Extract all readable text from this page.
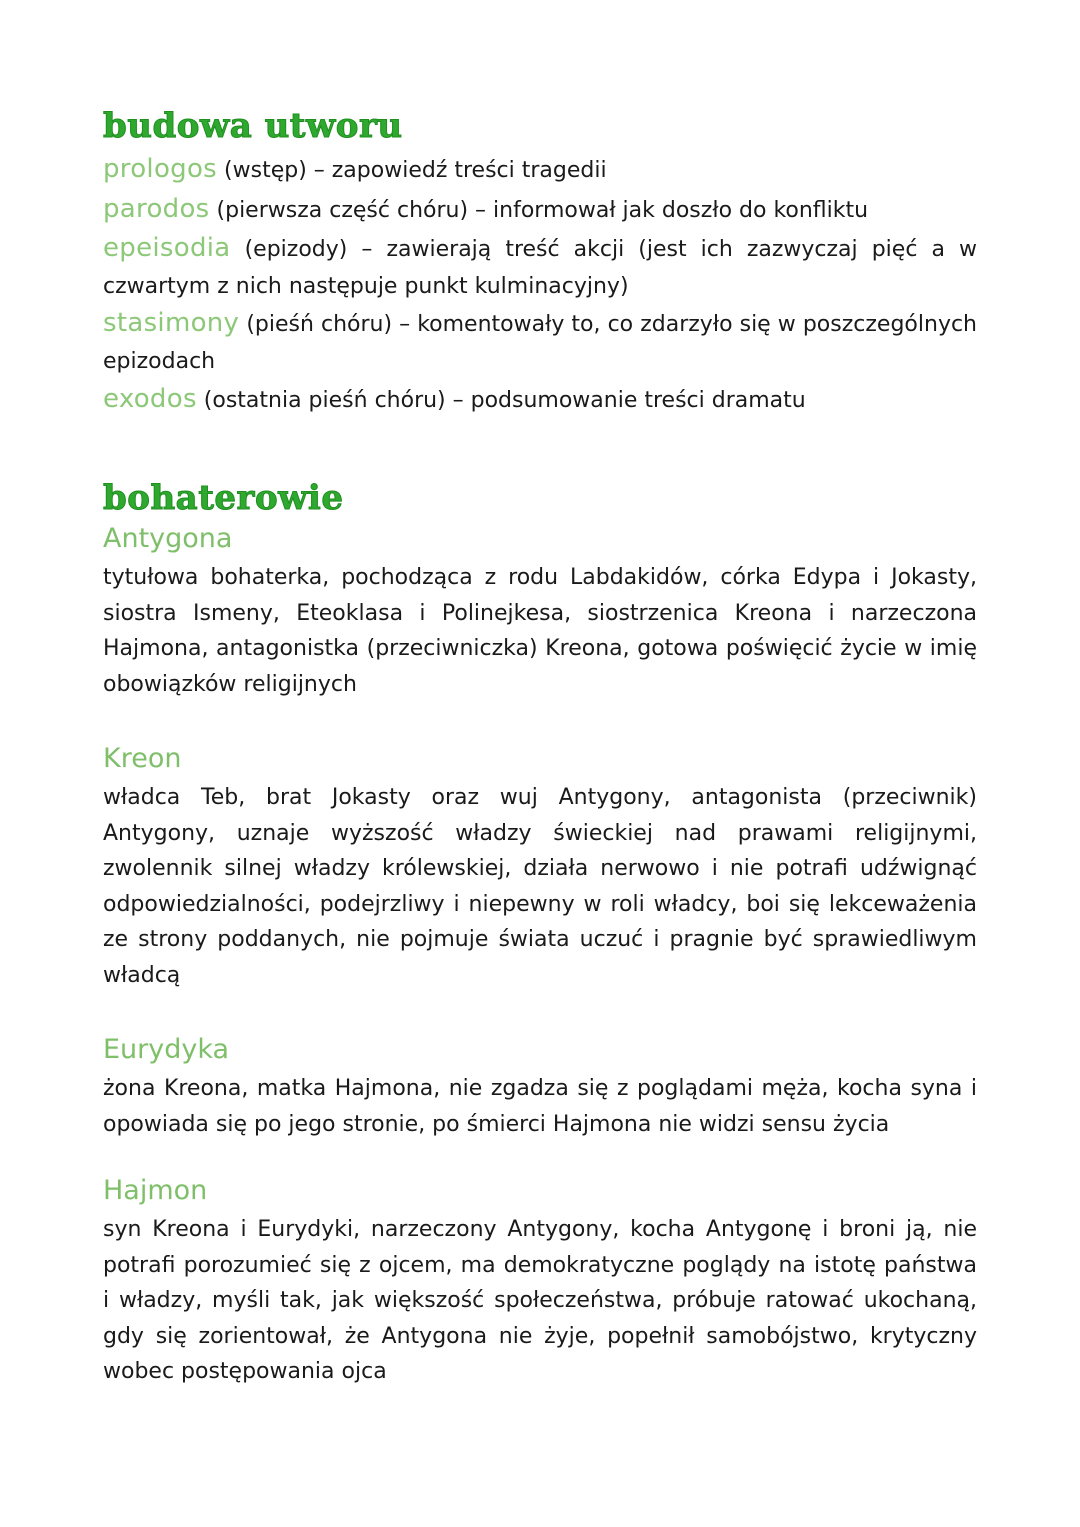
budowa utworu
prologos (wstęp) – zapowiedź treści tragedii
parodos (pierwsza część chóru) – informował jak doszło do konfliktu
epeisodia (epizody) – zawierają treść akcji (jest ich zazwyczaj pięć a w czwartym z nich następuje punkt kulminacyjny)
stasimony (pieśń chóru) – komentowały to, co zdarzyło się w poszczególnych epizodach
exodos (ostatnia pieśń chóru) – podsumowanie treści dramatu
bohaterowie

Antygona

tytułowa bohaterka, pochodząca z rodu Labdakidów, córka Edypa i Jokasty, siostra Ismeny, Eteoklasa i Polinejkesa, siostrzenica Kreona i narzeczona Hajmona, antagonistka (przeciwniczka) Kreona, gotowa poświęcić życie w imię obowiązków religijnych

Kreon

władca Teb, brat Jokasty oraz wuj Antygony, antagonista (przeciwnik) Antygony, uznaje wyższość władzy świeckiej nad prawami religijnymi, zwolennik silnej władzy królewskiej, działa nerwowo i nie potrafi udźwignąć odpowiedzialności, podejrzliwy i niepewny w roli władcy, boi się lekceważenia ze strony poddanych, nie pojmuje świata uczuć i pragnie być sprawiedliwym władcą

Eurydyka

żona Kreona, matka Hajmona, nie zgadza się z poglądami męża, kocha syna i opowiada się po jego stronie, po śmierci Hajmona nie widzi sensu życia

Hajmon

syn Kreona i Eurydyki, narzeczony Antygony, kocha Antygonę i broni ją, nie potrafi porozumieć się z ojcem, ma demokratyczne poglądy na istotę państwa i władzy, myśli tak, jak większość społeczeństwa, próbuje ratować ukochaną, gdy się zorientował, że Antygona nie żyje, popełnił samobójstwo, krytyczny wobec postępowania ojca
